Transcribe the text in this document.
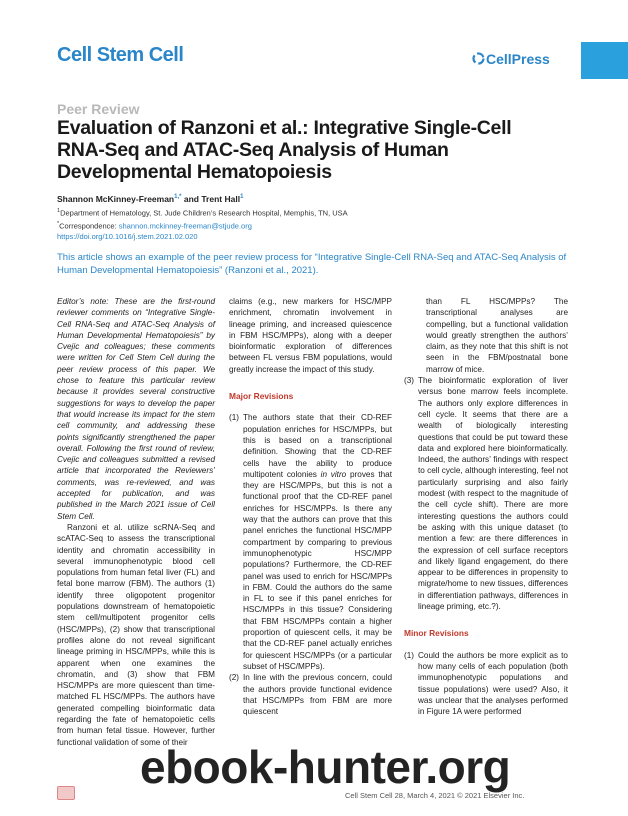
Cell Stem Cell	CellPress
Peer Review
Evaluation of Ranzoni et al.: Integrative Single-Cell RNA-Seq and ATAC-Seq Analysis of Human Developmental Hematopoiesis
Shannon McKinney-Freeman$^{1,*}$ and Trent Hall$^1$
$^1$Department of Hematology, St. Jude Children’s Research Hospital, Memphis, TN, USA
*Correspondence: shannon.mckinney-freeman@stjude.org
https://doi.org/10.1016/j.stem.2021.02.020
This article shows an example of the peer review process for “Integrative Single-Cell RNA-Seq and ATAC-Seq Analysis of Human Developmental Hematopoiesis” (Ranzoni et al., 2021).

Editor’s note: These are the first-round reviewer comments on “Integrative Single-Cell RNA-Seq and ATAC-Seq Analysis of Human Developmental Hematopoiesis” by Cvejic and colleagues; these comments were written for Cell Stem Cell during the peer review process of this paper. We chose to feature this particular review because it provides several constructive suggestions for ways to develop the paper that would increase its impact for the stem cell community, and addressing these points significantly strengthened the paper overall. Following the first round of review, Cvejic and colleagues submitted a revised article that incorporated the Reviewers’ comments, was re-reviewed, and was accepted for publication, and was published in the March 2021 issue of Cell Stem Cell.

Ranzoni et al. utilize scRNA-Seq and scATAC-Seq to assess the transcriptional identity and chromatin accessibility in several immunophenotypic blood cell populations from human fetal liver (FL) and fetal bone marrow (FBM). The authors (1) identify three oligopotent progenitor populations downstream of hematopoietic stem cell/multipotent progenitor cells (HSC/MPPs), (2) show that transcriptional profiles alone do not reveal significant lineage priming in HSC/MPPs, while this is apparent when one examines the chromatin, and (3) show that FBM HSC/MPPs are more quiescent than time-matched FL HSC/MPPs. The authors have generated compelling bioinformatic data regarding the fate of hematopoietic cells from human fetal tissue. However, further functional validation of some of their

claims (e.g., new markers for HSC/MPP enrichment, chromatin involvement in lineage priming, and increased quiescence in FBM HSC/MPPs), along with a deeper bioinformatic exploration of differences between FL versus FBM populations, would greatly increase the impact of this study.

Major Revisions
(1) The authors state that their CD-REF population enriches for HSC/MPPs, but this is based on a transcriptional definition. Showing that the CD-REF cells have the ability to produce multipotent colonies in vitro proves that they are HSC/MPPs, but this is not a functional proof that the CD-REF panel enriches for HSC/MPPs. Is there any way that the authors can prove that this panel enriches the functional HSC/MPP compartment by comparing to previous immunophenotypic HSC/MPP populations? Furthermore, the CD-REF panel was used to enrich for HSC/MPPs in FBM. Could the authors do the same in FL to see if this panel enriches for HSC/MPPs in this tissue? Considering that FBM HSC/MPPs contain a higher proportion of quiescent cells, it may be that the CD-REF panel actually enriches for quiescent HSC/MPPs (or a particular subset of HSC/MPPs).
(2) In line with the previous concern, could the authors provide functional evidence that HSC/MPPs from FBM are more quiescent

than FL HSC/MPPs? The transcriptional analyses are compelling, but a functional validation would greatly strengthen the authors’ claim, as they note that this shift is not seen in the FBM/postnatal bone marrow of mice.

(3) The bioinformatic exploration of liver versus bone marrow feels incomplete. The authors only explore differences in cell cycle. It seems that there are a wealth of biologically interesting questions that could be put toward these data and explored here bioinformatically. Indeed, the authors’ findings with respect to cell cycle, although interesting, feel not particularly surprising and also fairly modest (with respect to the magnitude of the cell cycle shift). There are more interesting questions the authors could be asking with this unique dataset (to mention a few: are there differences in the expression of cell surface receptors and likely ligand engagement, do there appear to be differences in propensity to migrate/home to new tissues, differences in differentiation pathways, differences in lineage priming, etc.?).
Minor Revisions
(1) Could the authors be more explicit as to how many cells of each population (both immunophenotypic populations and tissue populations) were used? Also, it was unclear that the analyses performed in Figure 1A were performed
Cell Stem Cell 28, March 4, 2021 © 2021 Elsevier Inc.
ebook-hunter.org
